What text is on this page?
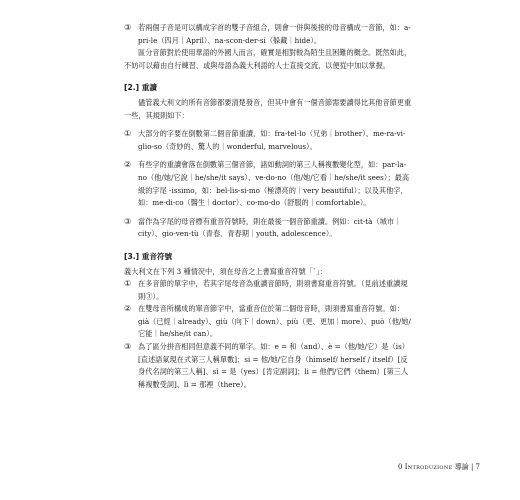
③ 若兩個子音是可以構成字首的雙子音組合，則會一併與後接的母音構成一音節，如：a-pri-le（四月｜April）、na-scon-der-si（躲藏｜hide）。

區分音節對於使用華語的外國人而言，確實是相對較為陌生且困難的概念。既然如此，不妨可以藉由自行練習、或與母語為義大利語的人士直接交流，以便從中加以掌握。

[2.] 重讀

儘管義大利文的所有音節都要清楚發音，但其中會有一個音節需要讀得比其他音節更重一些，其規則如下：

① 大部分的字要在倒數第二個音節重讀，如：fra-tel-lo（兄弟｜brother）、me-ra-vi-glio-so（奇妙的、驚人的｜wonderful, marvelous）。
② 有些字的重讀會落在倒數第三個音節，諸如動詞的第三人稱複數變化型，如：par-la-no（他/她/它說｜he/she/it says）、ve-do-no（他/她/它看｜he/she/it sees）；最高級的字尾 -issimo，如：bel-lis-si-mo（極漂亮的｜very beautiful）；以及其他字，如：me-di-co（醫生｜doctor）、co-mo-do（舒服的｜comfortable）。
③ 當作為字尾的母音標有重音符號時，則在最後一個音節重讀。例如：cit-tà（城市｜city）、gio-ven-tù（青春、青春期｜youth, adolescence）。
[3.] 重音符號

義大利文在下列 3 種情況中，須在母音之上書寫重音符號「ˋ」：

① 在多音節的單字中，若其字尾母音為重讀音節時，則須書寫重音符號。（見前述重讀規則③）。
② 在雙母音所構成的單音節字中，當重音位於第二個母音時，則須書寫重音符號。如：già（已經｜already）、giù（向下｜down）、più（更、更加｜more）、può（他/她/它能｜he/she/it can）。
③ 為了區分拼音相同但意義不同的單字。如：e = 和（and）、è =（他/她/它）是（is）[直述語氣現在式第三人稱單數]；si = 他/她/它自身（himself/ herself / itself）[反身代名詞的第三人稱]、sì = 是（yes）[肯定副詞]；li = 他們/它們（them）[第三人稱複數受詞]、lì = 那裡（there）。
0 Introduzione 導論 | 7
